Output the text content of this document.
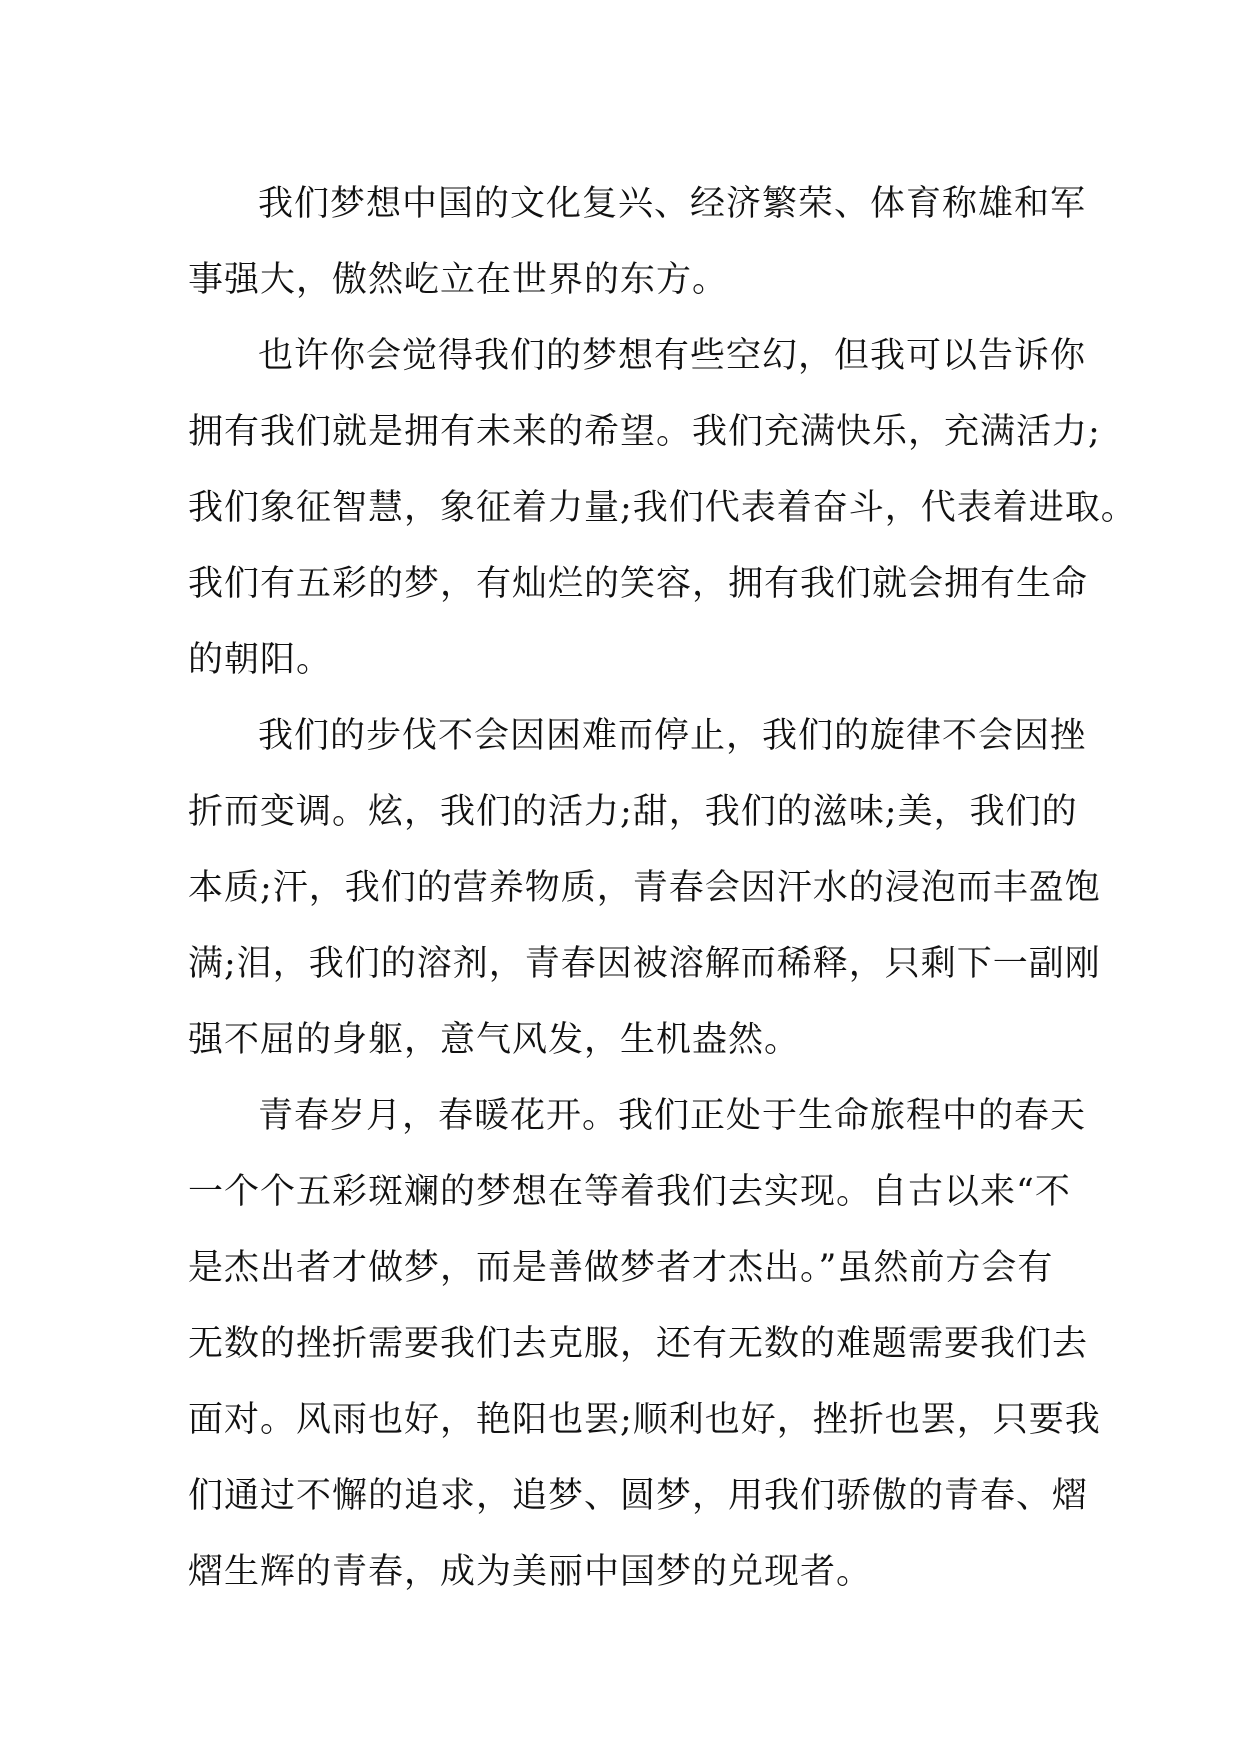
我们梦想中国的文化复兴、经济繁荣、体育称雄和军
事强大，傲然屹立在世界的东方。
也许你会觉得我们的梦想有些空幻，但我可以告诉你
拥有我们就是拥有未来的希望。我们充满快乐，充满活力;
我们象征智慧，象征着力量;我们代表着奋斗，代表着进取。
我们有五彩的梦，有灿烂的笑容，拥有我们就会拥有生命
的朝阳。
我们的步伐不会因困难而停止，我们的旋律不会因挫
折而变调。炫，我们的活力;甜，我们的滋味;美，我们的
本质;汗，我们的营养物质，青春会因汗水的浸泡而丰盈饱
满;泪，我们的溶剂，青春因被溶解而稀释，只剩下一副刚
强不屈的身躯，意气风发，生机盎然。
青春岁月，春暖花开。我们正处于生命旅程中的春天
一个个五彩斑斓的梦想在等着我们去实现。自古以来“不
是杰出者才做梦，而是善做梦者才杰出。”虽然前方会有
无数的挫折需要我们去克服，还有无数的难题需要我们去
面对。风雨也好，艳阳也罢;顺利也好，挫折也罢，只要我
们通过不懈的追求，追梦、圆梦，用我们骄傲的青春、熠
熠生辉的青春，成为美丽中国梦的兑现者。
